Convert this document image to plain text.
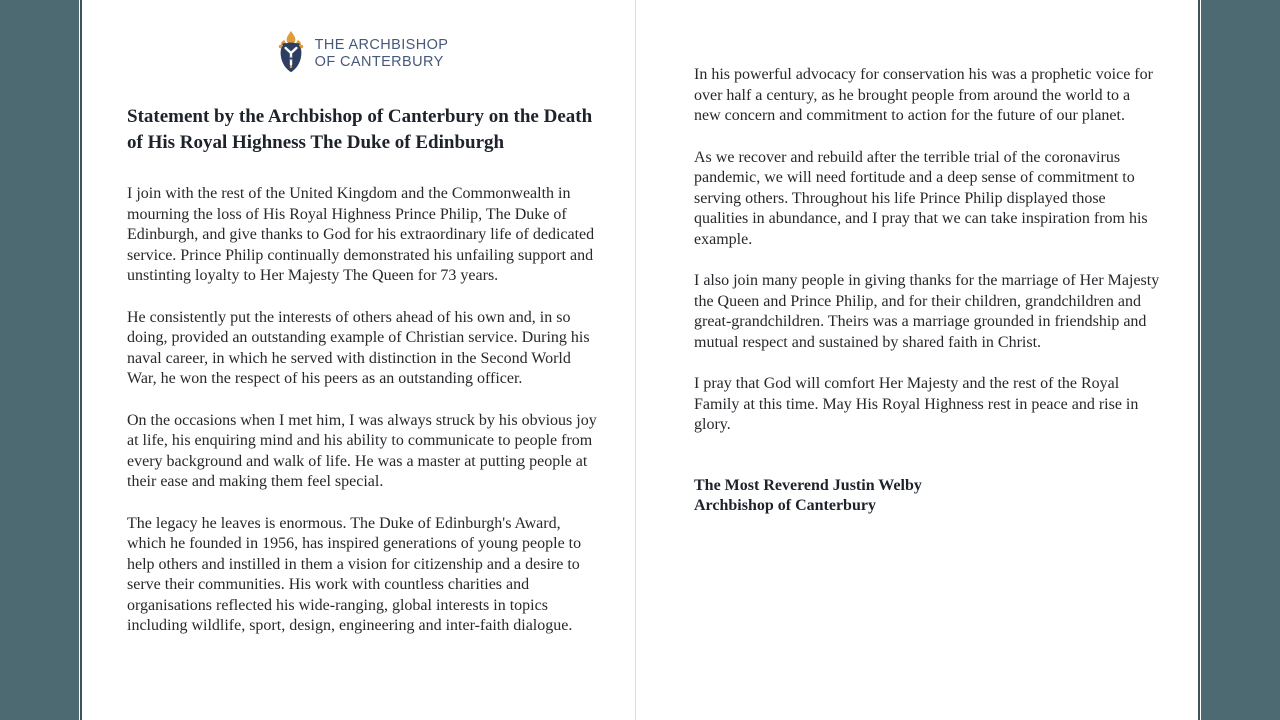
THE ARCHBISHOP
OF CANTERBURY
Statement by the Archbishop of Canterbury on the Death of His Royal Highness The Duke of Edinburgh

I join with the rest of the United Kingdom and the Commonwealth in mourning the loss of His Royal Highness Prince Philip, The Duke of Edinburgh, and give thanks to God for his extraordinary life of dedicated service. Prince Philip continually demonstrated his unfailing support and unstinting loyalty to Her Majesty The Queen for 73 years.

He consistently put the interests of others ahead of his own and, in so doing, provided an outstanding example of Christian service. During his naval career, in which he served with distinction in the Second World War, he won the respect of his peers as an outstanding officer.

On the occasions when I met him, I was always struck by his obvious joy at life, his enquiring mind and his ability to communicate to people from every background and walk of life. He was a master at putting people at their ease and making them feel special.

The legacy he leaves is enormous. The Duke of Edinburgh's Award, which he founded in 1956, has inspired generations of young people to help others and instilled in them a vision for citizenship and a desire to serve their communities. His work with countless charities and organisations reflected his wide-ranging, global interests in topics including wildlife, sport, design, engineering and inter-faith dialogue.

In his powerful advocacy for conservation his was a prophetic voice for over half a century, as he brought people from around the world to a new concern and commitment to action for the future of our planet.

As we recover and rebuild after the terrible trial of the coronavirus pandemic, we will need fortitude and a deep sense of commitment to serving others. Throughout his life Prince Philip displayed those qualities in abundance, and I pray that we can take inspiration from his example.

I also join many people in giving thanks for the marriage of Her Majesty the Queen and Prince Philip, and for their children, grandchildren and great-grandchildren. Theirs was a marriage grounded in friendship and mutual respect and sustained by shared faith in Christ.

I pray that God will comfort Her Majesty and the rest of the Royal Family at this time. May His Royal Highness rest in peace and rise in glory.

The Most Reverend Justin Welby

Archbishop of Canterbury
